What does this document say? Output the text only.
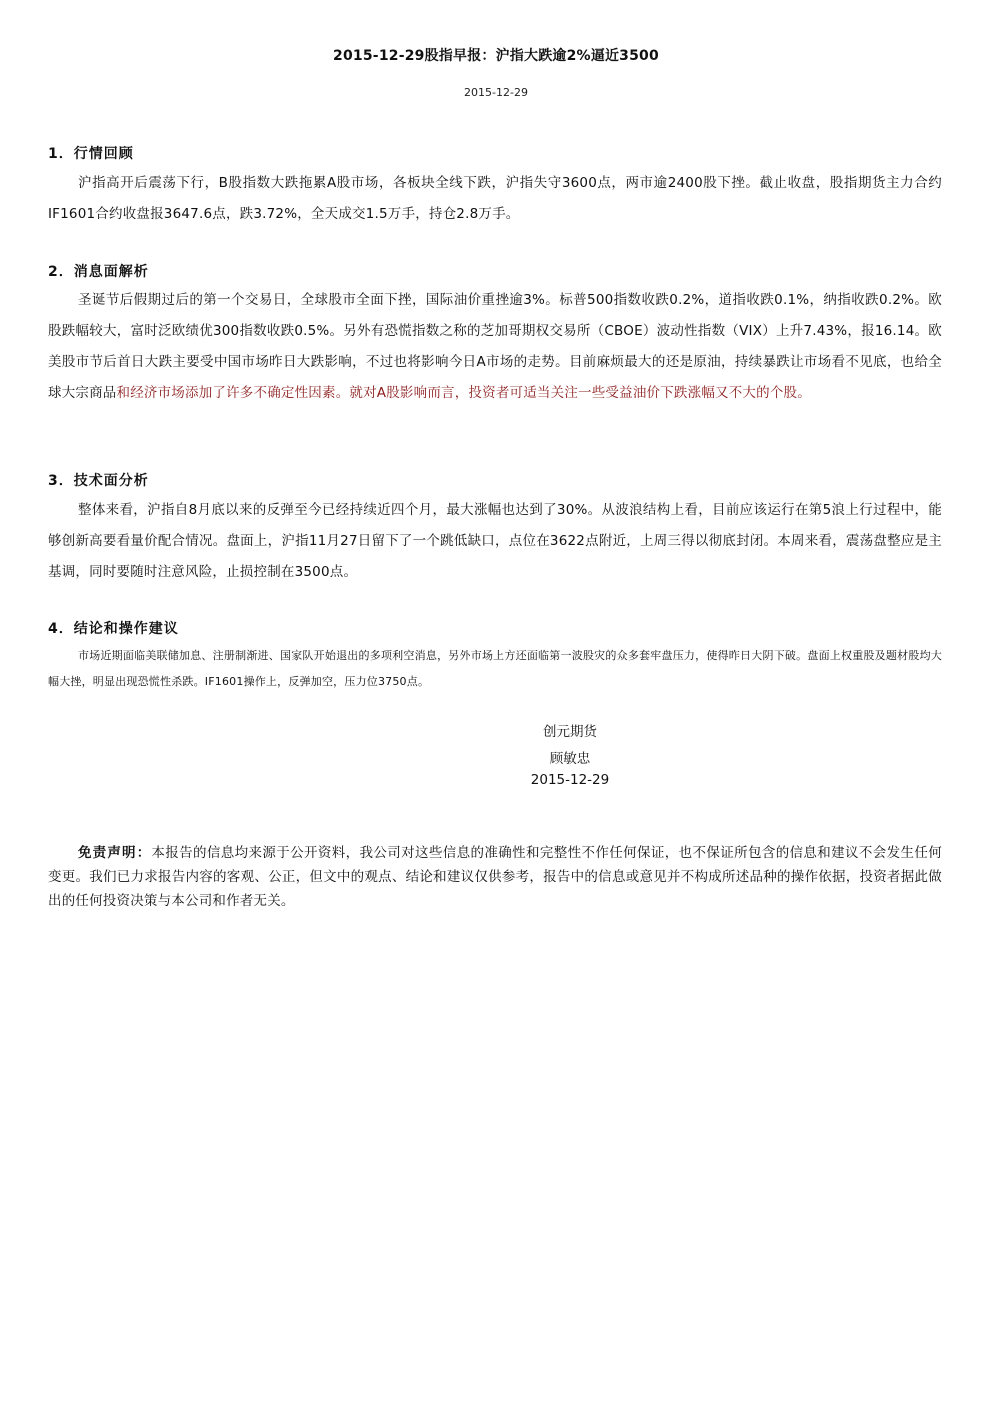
2015-12-29股指早报：沪指大跌逾2%逼近3500
2015-12-29
1．行情回顾
沪指高开后震荡下行，B股指数大跌拖累A股市场，各板块全线下跌，沪指失守3600点，两市逾2400股下挫。截止收盘，股指期货主力合约IF1601合约收盘报3647.6点，跌3.72%，全天成交1.5万手，持仓2.8万手。
2．消息面解析
圣诞节后假期过后的第一个交易日，全球股市全面下挫，国际油价重挫逾3%。标普500指数收跌0.2%，道指收跌0.1%，纳指收跌0.2%。欧股跌幅较大，富时泛欧绩优300指数收跌0.5%。另外有恐慌指数之称的芝加哥期权交易所（CBOE）波动性指数（VIX）上升7.43%，报16.14。欧美股市节后首日大跌主要受中国市场昨日大跌影响，不过也将影响今日A市场的走势。目前麻烦最大的还是原油，持续暴跌让市场看不见底，也给全球大宗商品和经济市场添加了许多不确定性因素。就对A股影响而言，投资者可适当关注一些受益油价下跌涨幅又不大的个股。
3．技术面分析
整体来看，沪指自8月底以来的反弹至今已经持续近四个月，最大涨幅也达到了30%。从波浪结构上看，目前应该运行在第5浪上行过程中，能够创新高要看量价配合情况。盘面上，沪指11月27日留下了一个跳低缺口，点位在3622点附近，上周三得以彻底封闭。本周来看，震荡盘整应是主基调，同时要随时注意风险，止损控制在3500点。
4．结论和操作建议
市场近期面临美联储加息、注册制渐进、国家队开始退出的多项利空消息，另外市场上方还面临第一波股灾的众多套牢盘压力，使得昨日大阴下破。盘面上权重股及题材股均大幅大挫，明显出现恐慌性杀跌。IF1601操作上，反弹加空，压力位3750点。
创元期货
顾敏忠
2015-12-29
免责声明：本报告的信息均来源于公开资料，我公司对这些信息的准确性和完整性不作任何保证，也不保证所包含的信息和建议不会发生任何变更。我们已力求报告内容的客观、公正，但文中的观点、结论和建议仅供参考，报告中的信息或意见并不构成所述品种的操作依据，投资者据此做出的任何投资决策与本公司和作者无关。
